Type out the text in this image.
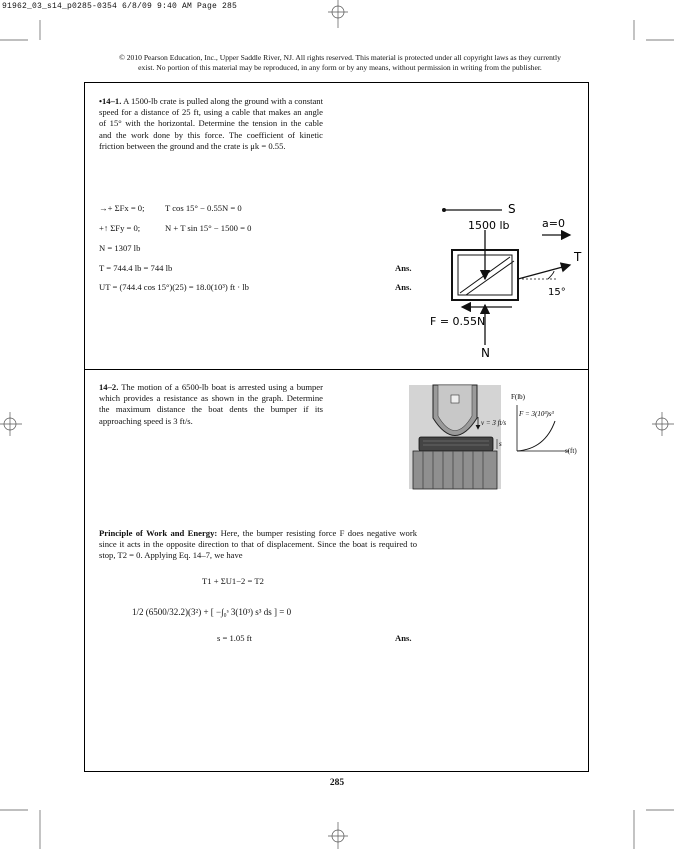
91962_03_s14_p0285-0354 6/8/09 9:40 AM Page 285
© 2010 Pearson Education, Inc., Upper Saddle River, NJ. All rights reserved. This material is protected under all copyright laws as they currently
exist. No portion of this material may be reproduced, in any form or by any means, without permission in writing from the publisher.
•14–1. A 1500-lb crate is pulled along the ground with a constant speed for a distance of 25 ft, using a cable that makes an angle of 15° with the horizontal. Determine the tension in the cable and the work done by this force. The coefficient of kinetic friction between the ground and the crate is μk = 0.55.
→+ ΣFx = 0; T cos 15° − 0.55N = 0
+↑ ΣFy = 0;	N + T sin 15° − 1500 = 0
N = 1307 lb
T = 744.4 lb = 744 lb	Ans.
UT = (744.4 cos 15°)(25) = 18.0(10³) ft · lb	Ans.
S
1500 lb	a=0
T
15°
F = 0.55N
N
14–2. The motion of a 6500-lb boat is arrested using a bumper which provides a resistance as shown in the graph. Determine the maximum distance the boat dents the bumper if its approaching speed is 3 ft/s.	v = 3 ft/s
s
F(lb)
F = 3(10³)s³
s(ft)
Principle of Work and Energy: Here, the bumper resisting force F does negative work since it acts in the opposite direction to that of displacement. Since the boat is required to stop, T2 = 0. Applying Eq. 14–7, we have
T1 + ΣU1−2 = T2
1/2 (6500/32.2)(3²) + [ −∫₀ˢ 3(10³) s³ ds ] = 0
s = 1.05 ft	Ans.
285
